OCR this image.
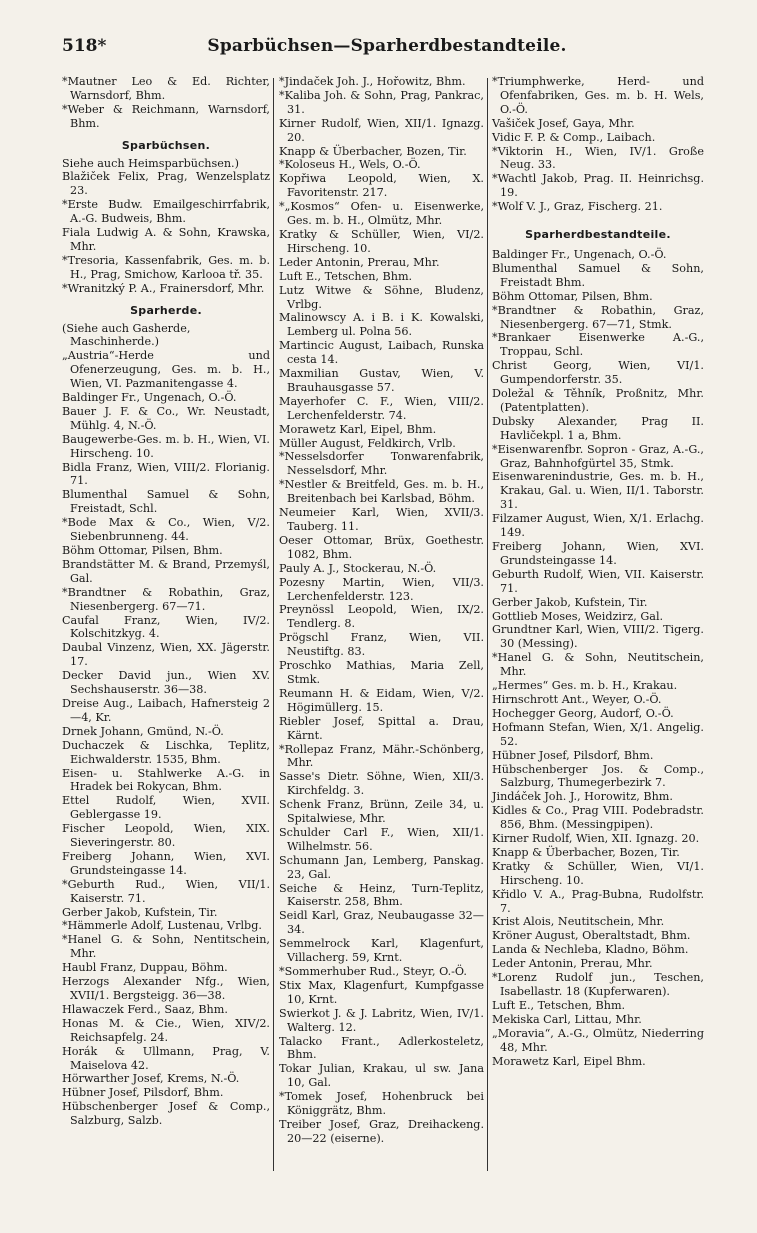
518*	Sparbüchsen—Sparherdbestandteile.

*Mautner Leo & Ed. Richter, Warnsdorf, Bhm.

*Weber & Reichmann, Warnsdorf, Bhm.

Sparbüchsen.

Siehe auch Heimsparbüchsen.)

Blažiček Felix, Prag, Wenzelsplatz 23.

*Erste Budw. Emailgeschirrfabrik, A.-G. Budweis, Bhm.

Fiala Ludwig A. & Sohn, Krawska, Mhr.

*Tresoria, Kassenfabrik, Ges. m. b. H., Prag, Smichow, Karlooa tř. 35.

*Wranitzký P. A., Frainersdorf, Mhr.

Sparherde.

(Siehe auch Gasherde, Maschinherde.)

„Austria“-Herde und Ofenerzeugung, Ges. m. b. H., Wien, VI. Pazmanitengasse 4.

Baldinger Fr., Ungenach, O.-Ö.

Bauer J. F. & Co., Wr. Neustadt, Mühlg. 4, N.-Ö.

Baugewerbe-Ges. m. b. H., Wien, VI. Hirscheng. 10.

Bidla Franz, Wien, VIII/2. Florianig. 71.

Blumenthal Samuel & Sohn, Freistadt, Schl.

*Bode Max & Co., Wien, V/2. Siebenbrunneng. 44.

Böhm Ottomar, Pilsen, Bhm.

Brandstätter M. & Brand, Przemyśl, Gal.

*Brandtner & Robathin, Graz, Niesenbergerg. 67—71.

Caufal Franz, Wien, IV/2. Kolschitzkyg. 4.

Daubal Vinzenz, Wien, XX. Jägerstr. 17.

Decker David jun., Wien XV. Sechshauserstr. 36—38.

Dreise Aug., Laibach, Hafnersteig 2—4, Kr.

Drnek Johann, Gmünd, N.-Ö.

Duchaczek & Lischka, Teplitz, Eichwalderstr. 1535, Bhm.

Eisen- u. Stahlwerke A.-G. in Hradek bei Rokycan, Bhm.

Ettel Rudolf, Wien, XVII. Geblergasse 19.

Fischer Leopold, Wien, XIX. Sieveringerstr. 80.

Freiberg Johann, Wien, XVI. Grundsteingasse 14.

*Geburth Rud., Wien, VII/1. Kaiserstr. 71.

Gerber Jakob, Kufstein, Tir.

*Hämmerle Adolf, Lustenau, Vrlbg.

*Hanel G. & Sohn, Nentitschein, Mhr.

Haubl Franz, Duppau, Böhm.

Herzogs Alexander Nfg., Wien, XVII/1. Bergsteigg. 36—38.

Hlawaczek Ferd., Saaz, Bhm.

Honas M. & Cie., Wien, XIV/2. Reichsapfelg. 24.

Horák & Ullmann, Prag, V. Maiselova 42.

Hörwarther Josef, Krems, N.-Ö.

Hübner Josef, Pilsdorf, Bhm.

Hübschenberger Josef & Comp., Salzburg, Salzb.

*Jindaček Joh. J., Hořowitz, Bhm.

*Kaliba Joh. & Sohn, Prag, Pankrac, 31.

Kirner Rudolf, Wien, XII/1. Ignazg. 20.

Knapp & Überbacher, Bozen, Tir.

*Koloseus H., Wels, O.-Ö.

Kopřiwa Leopold, Wien, X. Favoritenstr. 217.

*„Kosmos“ Ofen- u. Eisenwerke, Ges. m. b. H., Olmütz, Mhr.

Kratky & Schüller, Wien, VI/2. Hirscheng. 10.

Leder Antonin, Prerau, Mhr.

Luft E., Tetschen, Bhm.

Lutz Witwe & Söhne, Bludenz, Vrlbg.

Malinowscy A. i B. i K. Kowalski, Lemberg ul. Polna 56.

Martincic August, Laibach, Runska cesta 14.

Maxmilian Gustav, Wien, V. Brauhausgasse 57.

Mayerhofer C. F., Wien, VIII/2. Lerchenfelderstr. 74.

Morawetz Karl, Eipel, Bhm.

Müller August, Feldkirch, Vrlb.

*Nesselsdorfer Tonwarenfabrik, Nesselsdorf, Mhr.

*Nestler & Breitfeld, Ges. m. b. H., Breitenbach bei Karlsbad, Böhm.

Neumeier Karl, Wien, XVII/3. Tauberg. 11.

Oeser Ottomar, Brüx, Goethestr. 1082, Bhm.

Pauly A. J., Stockerau, N.-Ö.

Pozesny Martin, Wien, VII/3. Lerchenfelderstr. 123.

Preynössl Leopold, Wien, IX/2. Tendlerg. 8.

Prögschl Franz, Wien, VII. Neustiftg. 83.

Proschko Mathias, Maria Zell, Stmk.

Reumann H. & Eidam, Wien, V/2. Högimüllerg. 15.

Riebler Josef, Spittal a. Drau, Kärnt.

*Rollepaz Franz, Mähr.-Schönberg, Mhr.

Sasse's Dietr. Söhne, Wien, XII/3. Kirchfeldg. 3.

Schenk Franz, Brünn, Zeile 34, u. Spitalwiese, Mhr.

Schulder Carl F., Wien, XII/1. Wilhelmstr. 56.

Schumann Jan, Lemberg, Panskag. 23, Gal.

Seiche & Heinz, Turn-Teplitz, Kaiserstr. 258, Bhm.

Seidl Karl, Graz, Neubaugasse 32—34.

Semmelrock Karl, Klagenfurt, Villacherg. 59, Krnt.

*Sommerhuber Rud., Steyr, O.-Ö.

Stix Max, Klagenfurt, Kumpfgasse 10, Krnt.

Swierkot J. & J. Labritz, Wien, IV/1. Walterg. 12.

Talacko Frant., Adlerkosteletz, Bhm.

Tokar Julian, Krakau, ul sw. Jana 10, Gal.

*Tomek Josef, Hohenbruck bei Königgrätz, Bhm.

Treiber Josef, Graz, Dreihackeng. 20—22 (eiserne).

*Triumphwerke, Herd- und Ofenfabriken, Ges. m. b. H. Wels, O.-Ö.

Vašiček Josef, Gaya, Mhr.

Vidic F. P. & Comp., Laibach.

*Viktorin H., Wien, IV/1. Große Neug. 33.

*Wachtl Jakob, Prag. II. Heinrichsg. 19.

*Wolf V. J., Graz, Fischerg. 21.

Sparherdbestandteile.

Baldinger Fr., Ungenach, O.-Ö.

Blumenthal Samuel & Sohn, Freistadt Bhm.

Böhm Ottomar, Pilsen, Bhm.

*Brandtner & Robathin, Graz, Niesenbergerg. 67—71, Stmk.

*Brankaer Eisenwerke A.-G., Troppau, Schl.

Christ Georg, Wien, VI/1. Gumpendorferstr. 35.

Doležal & Těhník, Proßnitz, Mhr. (Patentplatten).

Dubsky Alexander, Prag II. Havličekpl. 1 a, Bhm.

*Eisenwarenfbr. Sopron - Graz, A.-G., Graz, Bahnhofgürtel 35, Stmk.

Eisenwarenindustrie, Ges. m. b. H., Krakau, Gal. u. Wien, II/1. Taborstr. 31.

Filzamer August, Wien, X/1. Erlachg. 149.

Freiberg Johann, Wien, XVI. Grundsteingasse 14.

Geburth Rudolf, Wien, VII. Kaiserstr. 71.

Gerber Jakob, Kufstein, Tir.

Gottlieb Moses, Weidzirz, Gal.

Grundtner Karl, Wien, VIII/2. Tigerg. 30 (Messing).

*Hanel G. & Sohn, Neutitschein, Mhr.

„Hermes“ Ges. m. b. H., Krakau.

Hirnschrott Ant., Weyer, O.-Ö.

Hochegger Georg, Audorf, O.-Ö.

Hofmann Stefan, Wien, X/1. Angelig. 52.

Hübner Josef, Pilsdorf, Bhm.

Hübschenberger Jos. & Comp., Salzburg, Thumegerbezirk 7.

Jindáček Joh. J., Horowitz, Bhm.

Kidles & Co., Prag VIII. Podebradstr. 856, Bhm. (Messingpipen).

Kirner Rudolf, Wien, XII. Ignazg. 20.

Knapp & Überbacher, Bozen, Tir.

Kratky & Schüller, Wien, VI/1. Hirscheng. 10.

Křidlo V. A., Prag-Bubna, Rudolfstr. 7.

Krist Alois, Neutitschein, Mhr.

Kröner August, Oberaltstadt, Bhm.

Landa & Nechleba, Kladno, Böhm.

Leder Antonin, Prerau, Mhr.

*Lorenz Rudolf jun., Teschen, Isabellastr. 18 (Kupferwaren).

Luft E., Tetschen, Bhm.

Mekiska Carl, Littau, Mhr.

„Moravia“, A.-G., Olmütz, Niederring 48, Mhr.

Morawetz Karl, Eipel Bhm.
